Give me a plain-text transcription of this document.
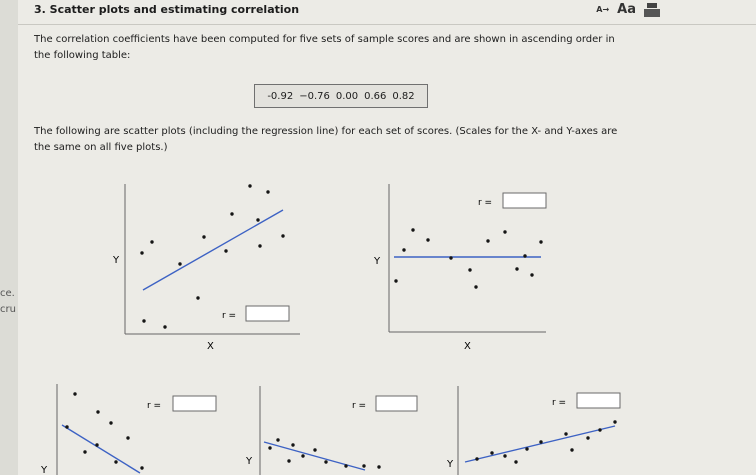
ce.
cru
3. Scatter plots and estimating correlation	A→ Aa
The correlation coefficients have been computed for five sets of sample scores and are shown in ascending order in
the following table:
-0.92 −0.76 0.00 0.66 0.82
The following are scatter plots (including the regression line) for each set of scores. (Scales for the X- and Y-axes are
the same on all five plots.)
Y
X
r =
Y
X
r =
Y
r =
Y
r =
Y
r =
